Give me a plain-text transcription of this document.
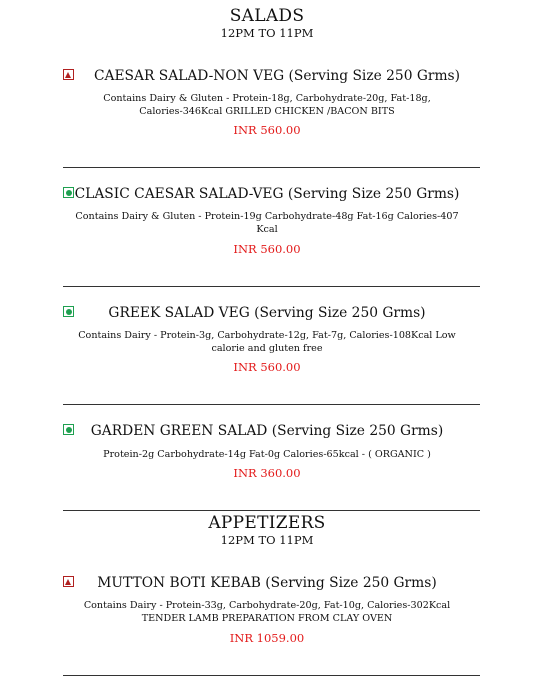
SALADS
12PM TO 11PM
CAESAR SALAD-NON VEG (Serving Size 250 Grms)
Contains Dairy & Gluten - Protein-18g, Carbohydrate-20g, Fat-18g, Calories-346Kcal GRILLED CHICKEN /BACON BITS
INR 560.00
CLASIC CAESAR SALAD-VEG (Serving Size 250 Grms)
Contains Dairy & Gluten - Protein-19g Carbohydrate-48g Fat-16g Calories-407 Kcal
INR 560.00
GREEK SALAD VEG (Serving Size 250 Grms)
Contains Dairy - Protein-3g, Carbohydrate-12g, Fat-7g, Calories-108Kcal Low calorie and gluten free
INR 560.00
GARDEN GREEN SALAD (Serving Size 250 Grms)
Protein-2g Carbohydrate-14g Fat-0g Calories-65kcal - ( ORGANIC )
INR 360.00
APPETIZERS
12PM TO 11PM
MUTTON BOTI KEBAB (Serving Size 250 Grms)
Contains Dairy - Protein-33g, Carbohydrate-20g, Fat-10g, Calories-302Kcal TENDER LAMB PREPARATION FROM CLAY OVEN
INR 1059.00
